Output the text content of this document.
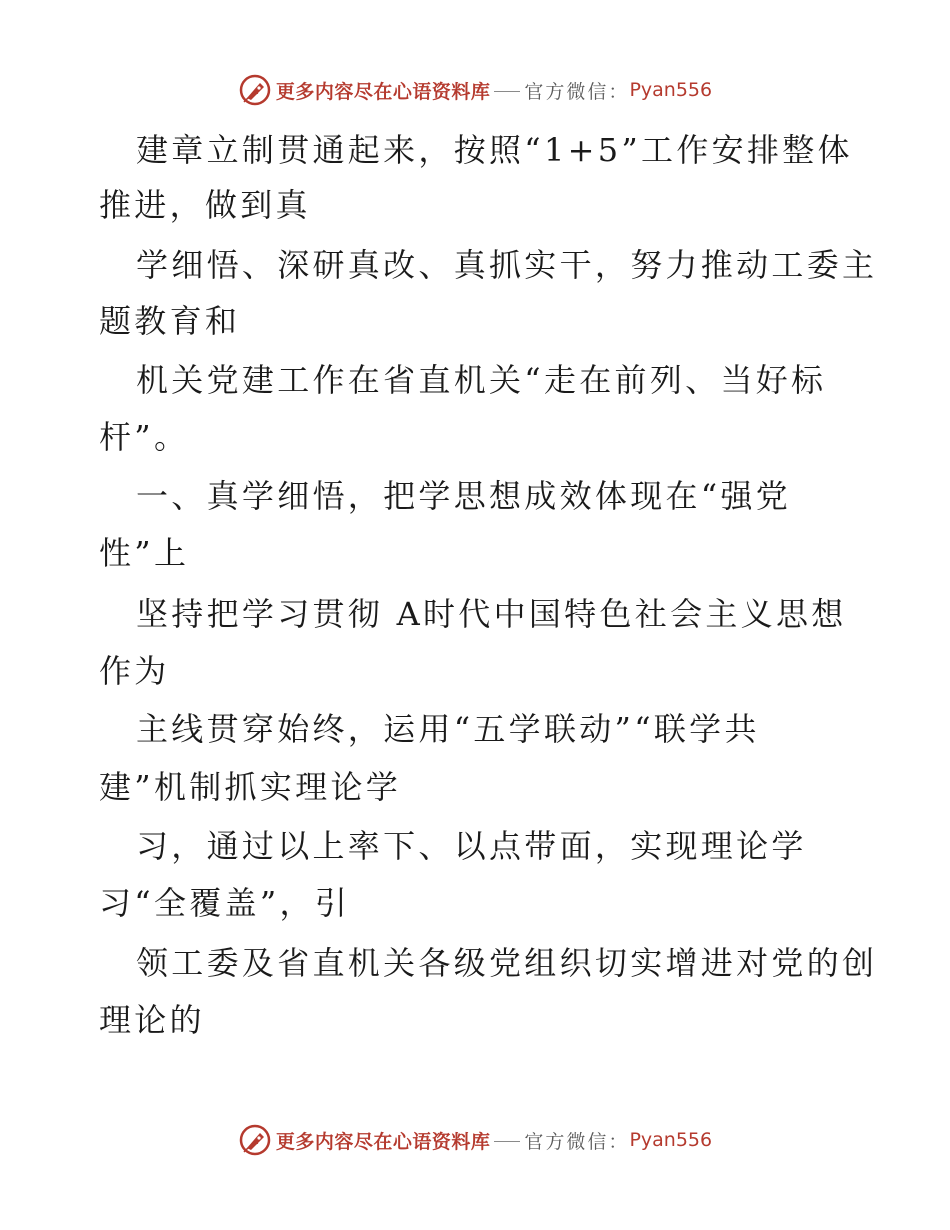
更多内容尽在心语资料库 官方微信： Pyan556
建章立制贯通起来，按照“1+5”工作安排整体
推进，做到真
学细悟、深研真改、真抓实干，努力推动工委主
题教育和
机关党建工作在省直机关“走在前列、当好标
杆”。
一、真学细悟，把学思想成效体现在“强党
性”上
坚持把学习贯彻 A时代中国特色社会主义思想
作为
主线贯穿始终，运用“五学联动”“联学共
建”机制抓实理论学
习，通过以上率下、以点带面，实现理论学
习“全覆盖”，引
领工委及省直机关各级党组织切实增进对党的创
理论的
更多内容尽在心语资料库 官方微信： Pyan556
